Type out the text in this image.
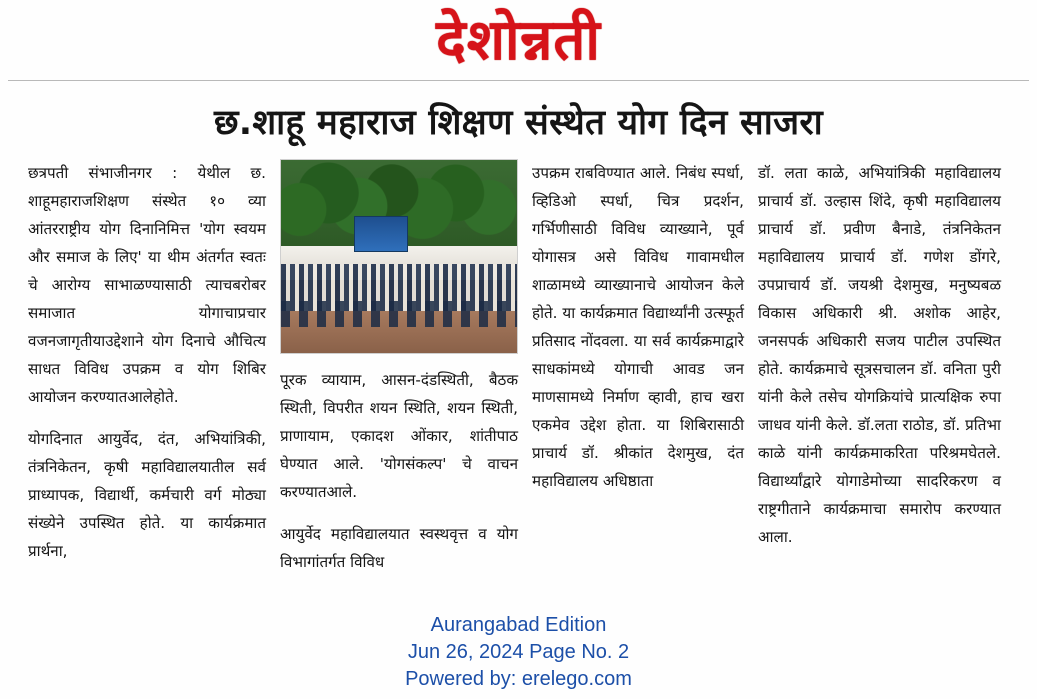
देशोन्नती
छ.शाहू महाराज शिक्षण संस्थेत योग दिन साजरा

छत्रपती संभाजीनगर : येथील छ. शाहूमहाराजशिक्षण संस्थेत १० व्या आंतरराष्ट्रीय योग दिनानिमित्त 'योग स्वयम और समाज के लिए' या थीम अंतर्गत स्वतः चे आरोग्य साभाळण्यासाठी त्याचबरोबर समाजात योगाचाप्रचार वजनजागृतीयाउद्देशाने योग दिनाचे औचित्य साधत विविध उपक्रम व योग शिबिर आयोजन करण्यातआलेहोते.

योगदिनात आयुर्वेद, दंत, अभियांत्रिकी, तंत्रनिकेतन, कृषी महाविद्यालयातील सर्व प्राध्यापक, विद्यार्थी, कर्मचारी वर्ग मोठ्या संख्येने उपस्थित होते. या कार्यक्रमात प्रार्थना,

पूरक व्यायाम, आसन-दंडस्थिती, बैठक स्थिती, विपरीत शयन स्थिति, शयन स्थिती, प्राणायाम, एकादश ओंकार, शांतीपाठ घेण्यात आले. 'योगसंकल्प' चे वाचन करण्यातआले.

आयुर्वेद महाविद्यालयात स्वस्थवृत्त व योग विभागांतर्गत विविध

उपक्रम राबविण्यात आले. निबंध स्पर्धा, व्हिडिओ स्पर्धा, चित्र प्रदर्शन, गर्भिणीसाठी विविध व्याख्याने, पूर्व योगासत्र असे विविध गावामधील शाळामध्ये व्याख्यानाचे आयोजन केले होते. या कार्यक्रमात विद्यार्थ्यांनी उत्स्फूर्त प्रतिसाद नोंदवला. या सर्व कार्यक्रमाद्वारे साधकांमध्ये योगाची आवड जन माणसामध्ये निर्माण व्हावी, हाच खरा एकमेव उद्देश होता. या शिबिरासाठी प्राचार्य डॉ. श्रीकांत देशमुख, दंत महाविद्यालय अधिष्ठाता

डॉ. लता काळे, अभियांत्रिकी महाविद्यालय प्राचार्य डॉ. उल्हास शिंदे, कृषी महाविद्यालय प्राचार्य डॉ. प्रवीण बैनाडे, तंत्रनिकेतन महाविद्यालय प्राचार्य डॉ. गणेश डोंगरे, उपप्राचार्य डॉ. जयश्री देशमुख, मनुष्यबळ विकास अधिकारी श्री. अशोक आहेर, जनसपर्क अधिकारी सजय पाटील उपस्थित होते. कार्यक्रमाचे सूत्रसचालन डॉ. वनिता पुरी यांनी केले तसेच योगक्रियांचे प्रात्यक्षिक रुपा जाधव यांनी केले. डॉ.लता राठोड, डॉ. प्रतिभा काळे यांनी कार्यक्रमाकरिता परिश्रमघेतले. विद्यार्थ्यांद्वारे योगाडेमोच्या सादरिकरण व राष्ट्रगीताने कार्यक्रमाचा समारोप करण्यात आला.

Aurangabad Edition
Jun 26, 2024 Page No. 2
Powered by: erelego.com
